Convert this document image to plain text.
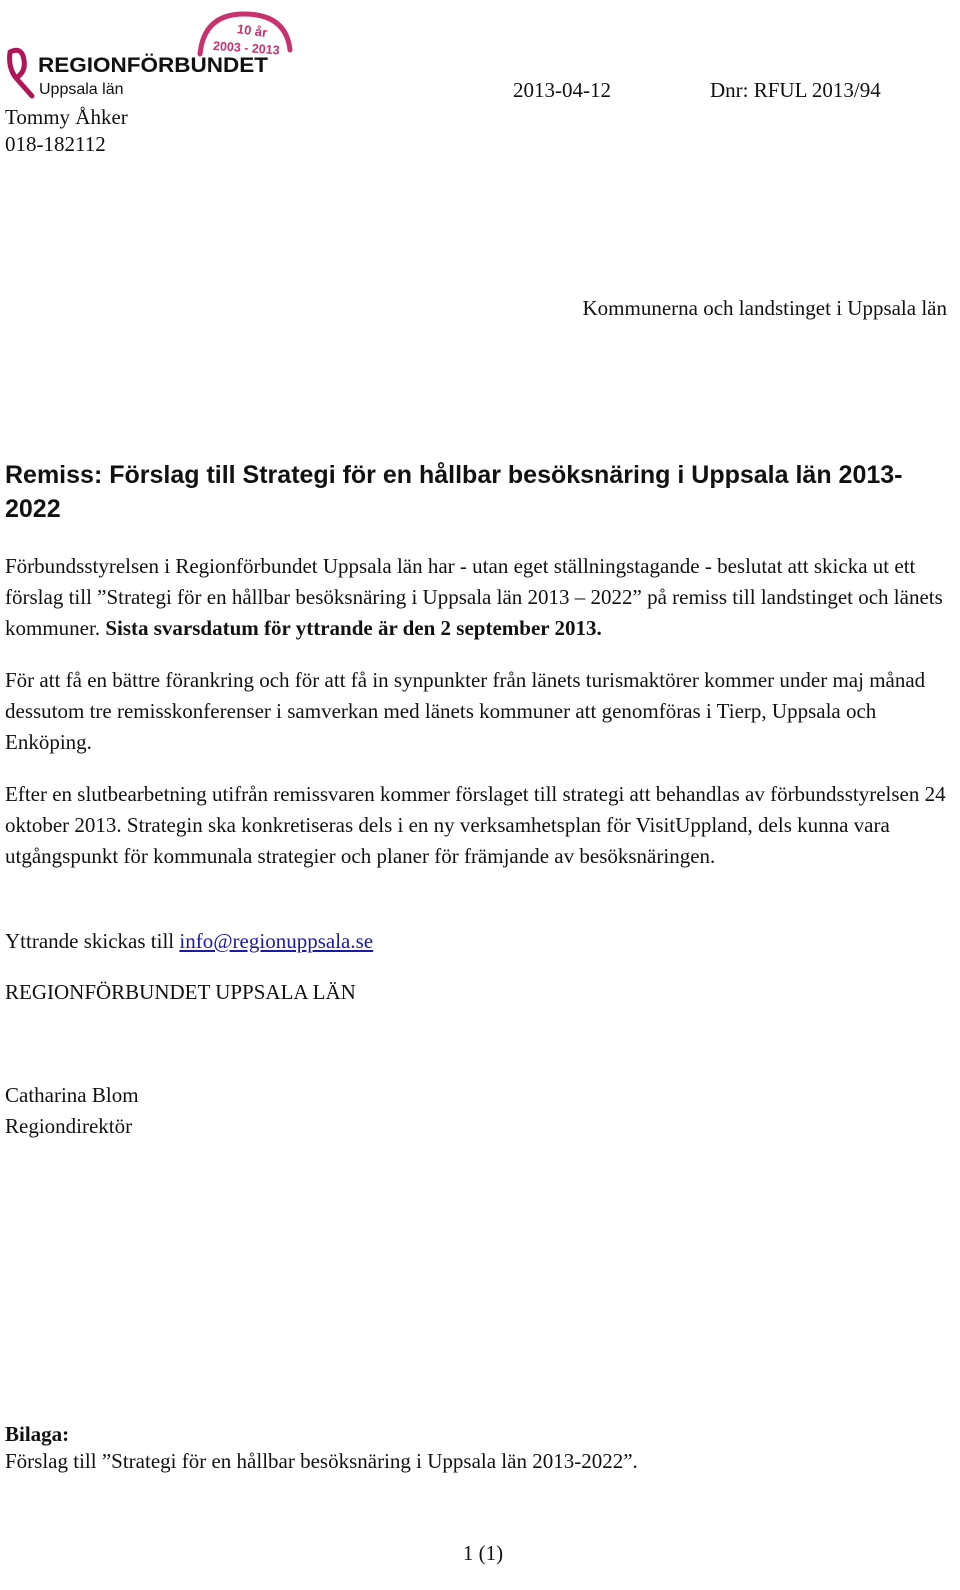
10 år
2003 - 2013
REGIONFÖRBUNDET
Uppsala län
Tommy Åhker
018-182112
2013-04-12	Dnr: RFUL 2013/94
Kommunerna och landstinget i Uppsala län
Remiss: Förslag till Strategi för en hållbar besöksnäring i Uppsala län 2013-2022

Förbundsstyrelsen i Regionförbundet Uppsala län har - utan eget ställningstagande - beslutat att skicka ut ett förslag till ”Strategi för en hållbar besöksnäring i Uppsala län 2013 – 2022” på remiss till landstinget och länets kommuner. Sista svarsdatum för yttrande är den 2 september 2013.

För att få en bättre förankring och för att få in synpunkter från länets turismaktörer kommer under maj månad dessutom tre remisskonferenser i samverkan med länets kommuner att genomföras i Tierp, Uppsala och Enköping.

Efter en slutbearbetning utifrån remissvaren kommer förslaget till strategi att behandlas av förbundsstyrelsen 24 oktober 2013. Strategin ska konkretiseras dels i en ny verksamhetsplan för VisitUppland, dels kunna vara utgångspunkt för kommunala strategier och planer för främjande av besöksnäringen.

Yttrande skickas till info@regionuppsala.se

REGIONFÖRBUNDET UPPSALA LÄN

Catharina Blom
Regiondirektör
Bilaga:
Förslag till ”Strategi för en hållbar besöksnäring i Uppsala län 2013-2022”.
1 (1)
